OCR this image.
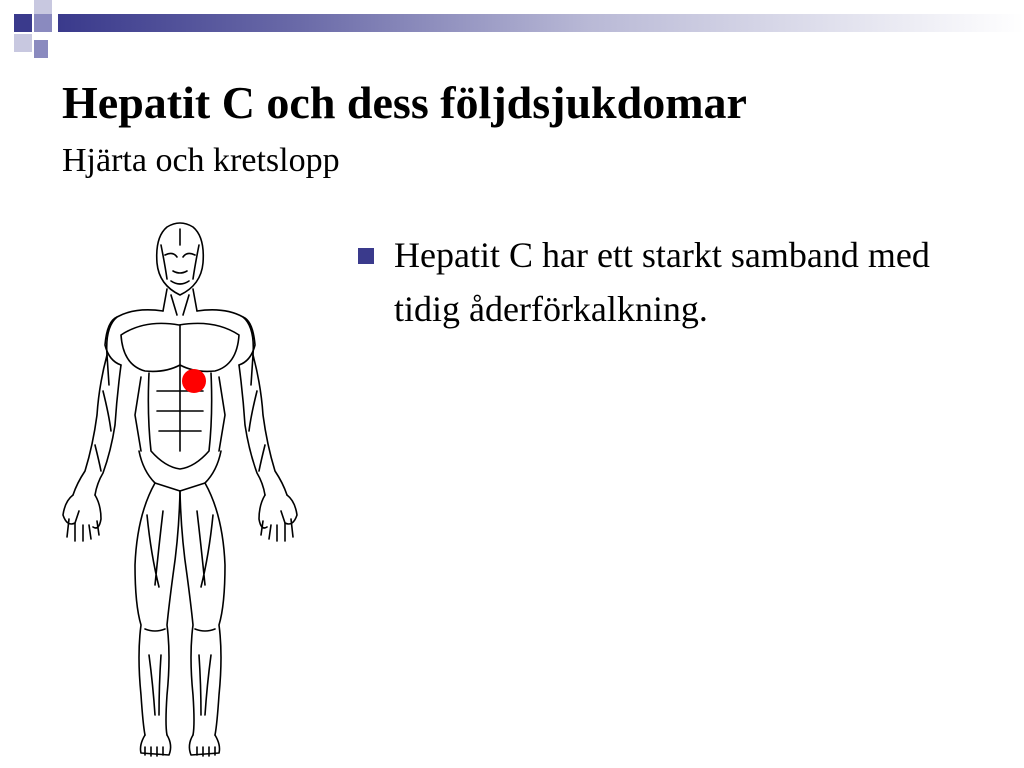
Hepatit C och dess följdsjukdomar
Hjärta och kretslopp
Hepatit C har ett starkt samband med tidig åderförkalkning.
